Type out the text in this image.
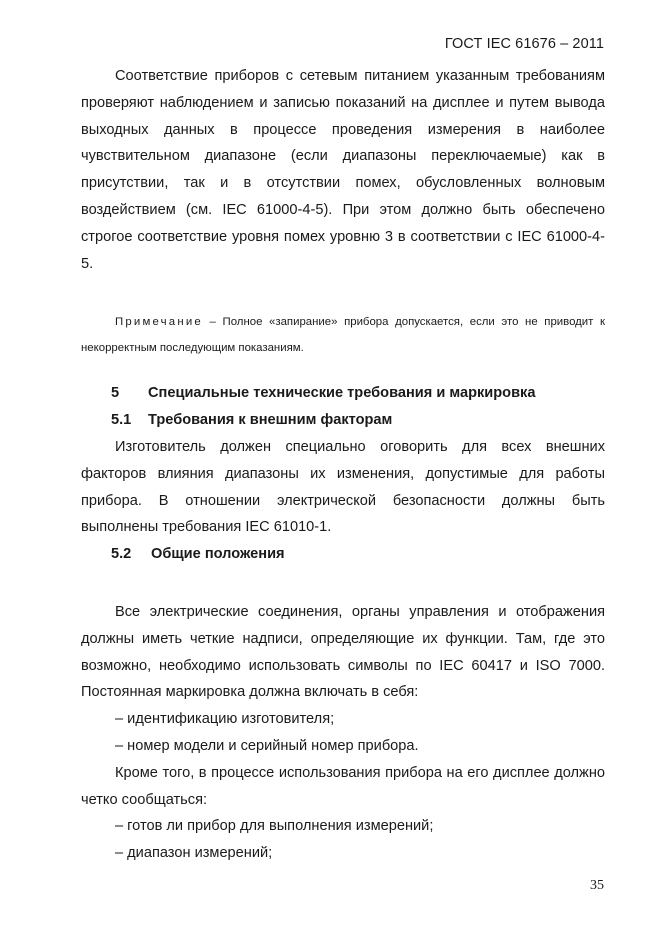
ГОСТ IEC 61676 – 2011

Соответствие приборов с сетевым питанием указанным требованиям проверяют наблюдением и записью показаний на дисплее и путем вывода выходных данных в процессе проведения измерения в наиболее чувствительном диапазоне (если диапазоны переключаемые) как в присутствии, так и в отсутствии помех, обусловленных волновым воздействием (см. IEC 61000-4-5). При этом должно быть обеспечено строгое соответствие уровня помех уровню 3 в соответствии с IEC 61000-4-5.

Примечание – Полное «запирание» прибора допускается, если это не приводит к некорректным последующим показаниям.

5 Специальные технические требования и маркировка
5.1 Требования к внешним факторам

Изготовитель должен специально оговорить для всех внешних факторов влияния диапазоны их изменения, допустимые для работы прибора. В отношении электрической безопасности должны быть выполнены требования IEC 61010-1.

5.2 Общие положения

Все электрические соединения, органы управления и отображения должны иметь четкие надписи, определяющие их функции. Там, где это возможно, необходимо использовать символы по IEC 60417 и ISO 7000. Постоянная маркировка должна включать в себя:

– идентификацию изготовителя;

– номер модели и серийный номер прибора.

Кроме того, в процессе использования прибора на его дисплее должно четко сообщаться:

– готов ли прибор для выполнения измерений;

– диапазон измерений;

35
